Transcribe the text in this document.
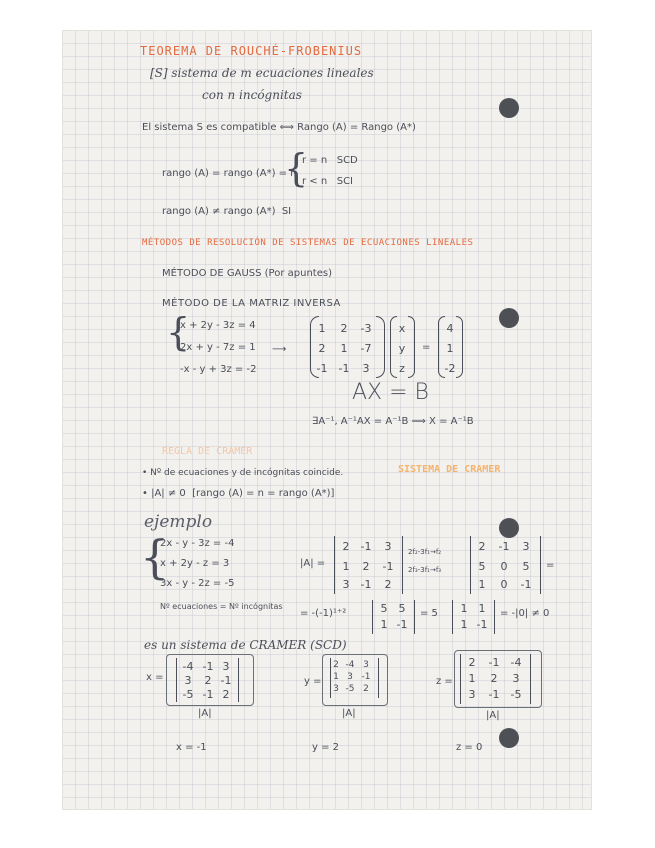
TEOREMA DE ROUCHÉ-FROBENIUS
[S] sistema de m ecuaciones lineales
con n incógnitas
El sistema S es compatible ⟺ Rango (A) = Rango (A*)
rango (A) = rango (A*) = r
{
r = n   SCD
r < n   SCI
rango (A) ≠ rango (A*)  SI
MÉTODOS DE RESOLUCIÓN DE SISTEMAS DE ECUACIONES LINEALES
MÉTODO DE GAUSS (Por apuntes)
MÉTODO DE LA MATRIZ INVERSA
{
x + 2y - 3z = 4
2x + y - 7z = 1
-x - y + 3z = -2
⟶
1	2	-3
2	1	-7
-1	-1	3
x
y
z
=
4
1
-2
AX = B
∃A⁻¹, A⁻¹AX = A⁻¹B ⟹ X = A⁻¹B
REGLA DE CRAMER
• Nº de ecuaciones y de incógnitas coincide.	SISTEMA DE CRAMER
• |A| ≠ 0  [rango (A) = n = rango (A*)]
ejemplo
{
2x - y - 3z = -4
x + 2y - z = 3
3x - y - 2z = -5
Nº ecuaciones = Nº incógnitas
|A| =
2	-1	3
1	2	-1
3	-1	2
2f₂-3f₁→f₂
2f₃-3f₁→f₃
2	-1	3
5	0	5
1	0	-1
=
= -(-1)¹⁺²	5	5
1 -1
= 5	1	1
1 -1
= -|0| ≠ 0
es un sistema de CRAMER (SCD)
x =
-4 -1 3
3	2 -1
-5 -1 2
|A|
y =
2 -4 3
1 3 -1
3 -5 2
|A|
z =
2	-1	-4
1	2	3
3	-1	-5
|A|
x = -1	y = 2	z = 0
